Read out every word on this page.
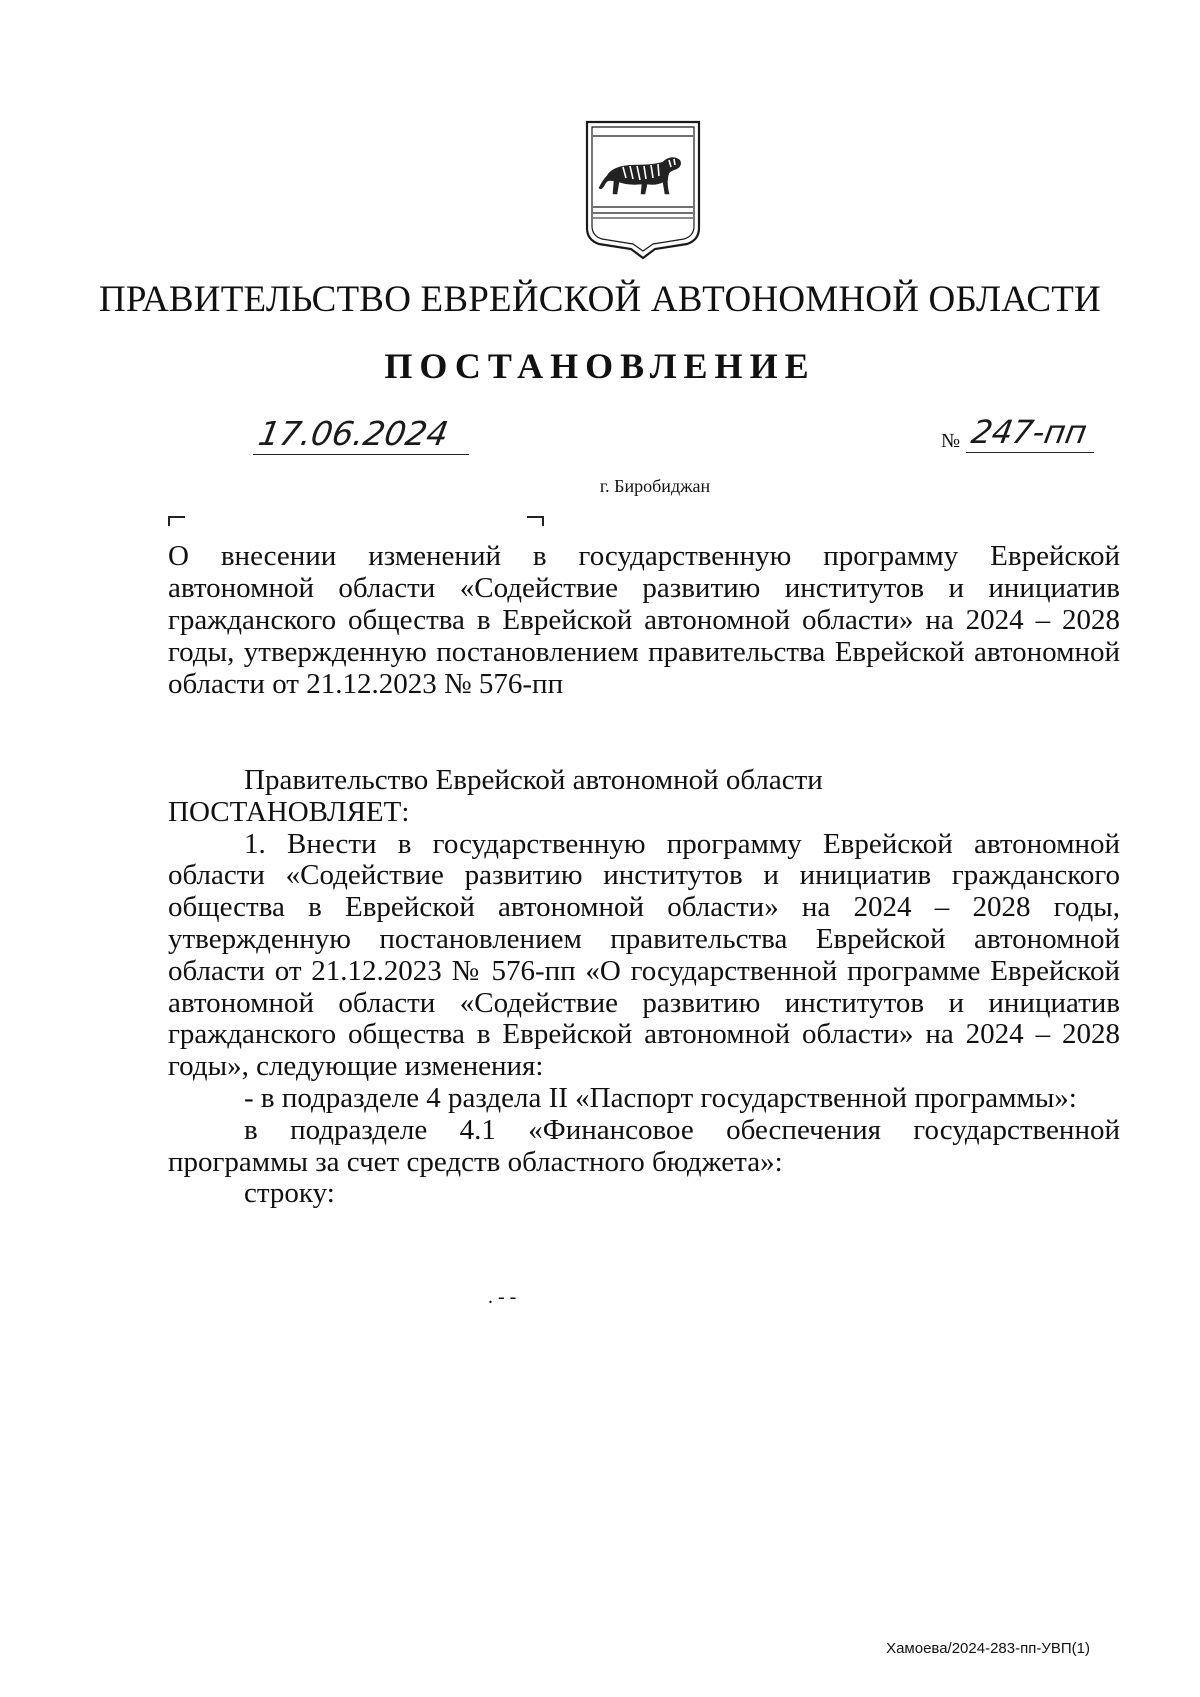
ПРАВИТЕЛЬСТВО ЕВРЕЙСКОЙ АВТОНОМНОЙ ОБЛАСТИ
ПОСТАНОВЛЕНИЕ
17.06.2024	№ 247-пп
г. Биробиджан
О внесении изменений в государственную программу Еврейской автономной области «Содействие развитию институтов и инициатив гражданского общества в Еврейской автономной области» на 2024 – 2028 годы, утвержденную постановлением правительства Еврейской автономной области от 21.12.2023 № 576-пп

Правительство Еврейской автономной области

ПОСТАНОВЛЯЕТ:

1. Внести в государственную программу Еврейской автономной области «Содействие развитию институтов и инициатив гражданского общества в Еврейской автономной области» на 2024 – 2028 годы, утвержденную постановлением правительства Еврейской автономной области от 21.12.2023 № 576-пп «О государственной программе Еврейской автономной области «Содействие развитию институтов и инициатив гражданского общества в Еврейской автономной области» на 2024 – 2028 годы», следующие изменения:

- в подразделе 4 раздела II «Паспорт государственной программы»:

в подразделе 4.1 «Финансовое обеспечения государственной программы за счет средств областного бюджета»:

строку:

. - -
Хамоева/2024-283-пп-УВП(1)
